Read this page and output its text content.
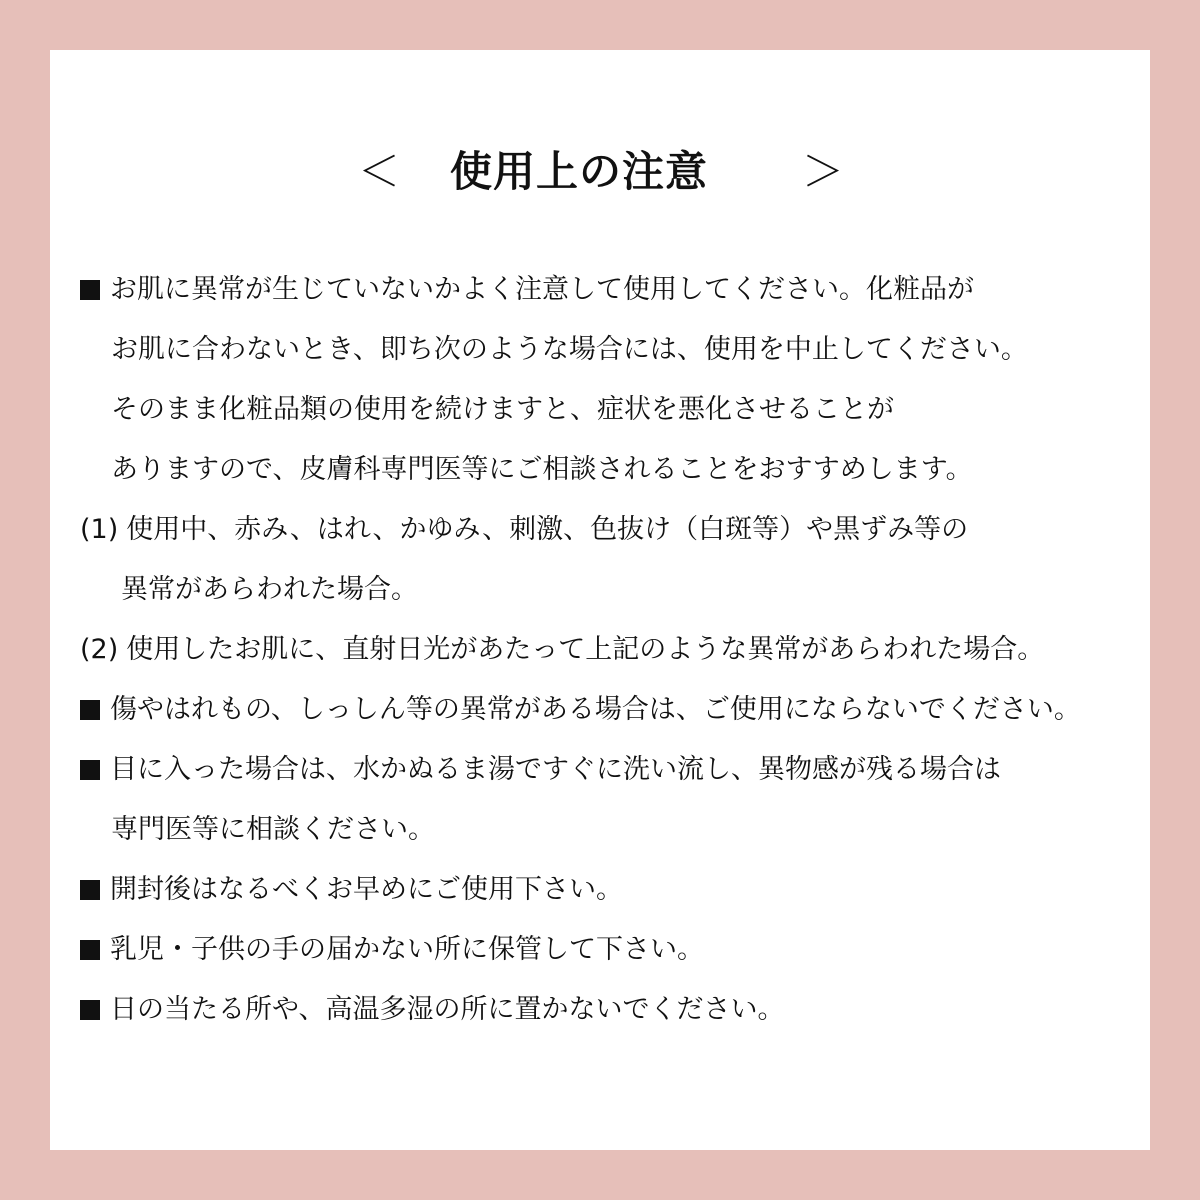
＜ 使用上の注意 ＞
お肌に異常が生じていないかよく注意して使用してください。化粧品が
お肌に合わないとき、即ち次のような場合には、使用を中止してください。
そのまま化粧品類の使用を続けますと、症状を悪化させることが
ありますので、皮膚科専門医等にご相談されることをおすすめします。
(1) 使用中、赤み、はれ、かゆみ、刺激、色抜け（白斑等）や黒ずみ等の
異常があらわれた場合。
(2) 使用したお肌に、直射日光があたって上記のような異常があらわれた場合。
傷やはれもの、しっしん等の異常がある場合は、ご使用にならないでください。
目に入った場合は、水かぬるま湯ですぐに洗い流し、異物感が残る場合は
専門医等に相談ください。
開封後はなるべくお早めにご使用下さい。
乳児・子供の手の届かない所に保管して下さい。
日の当たる所や、高温多湿の所に置かないでください。
